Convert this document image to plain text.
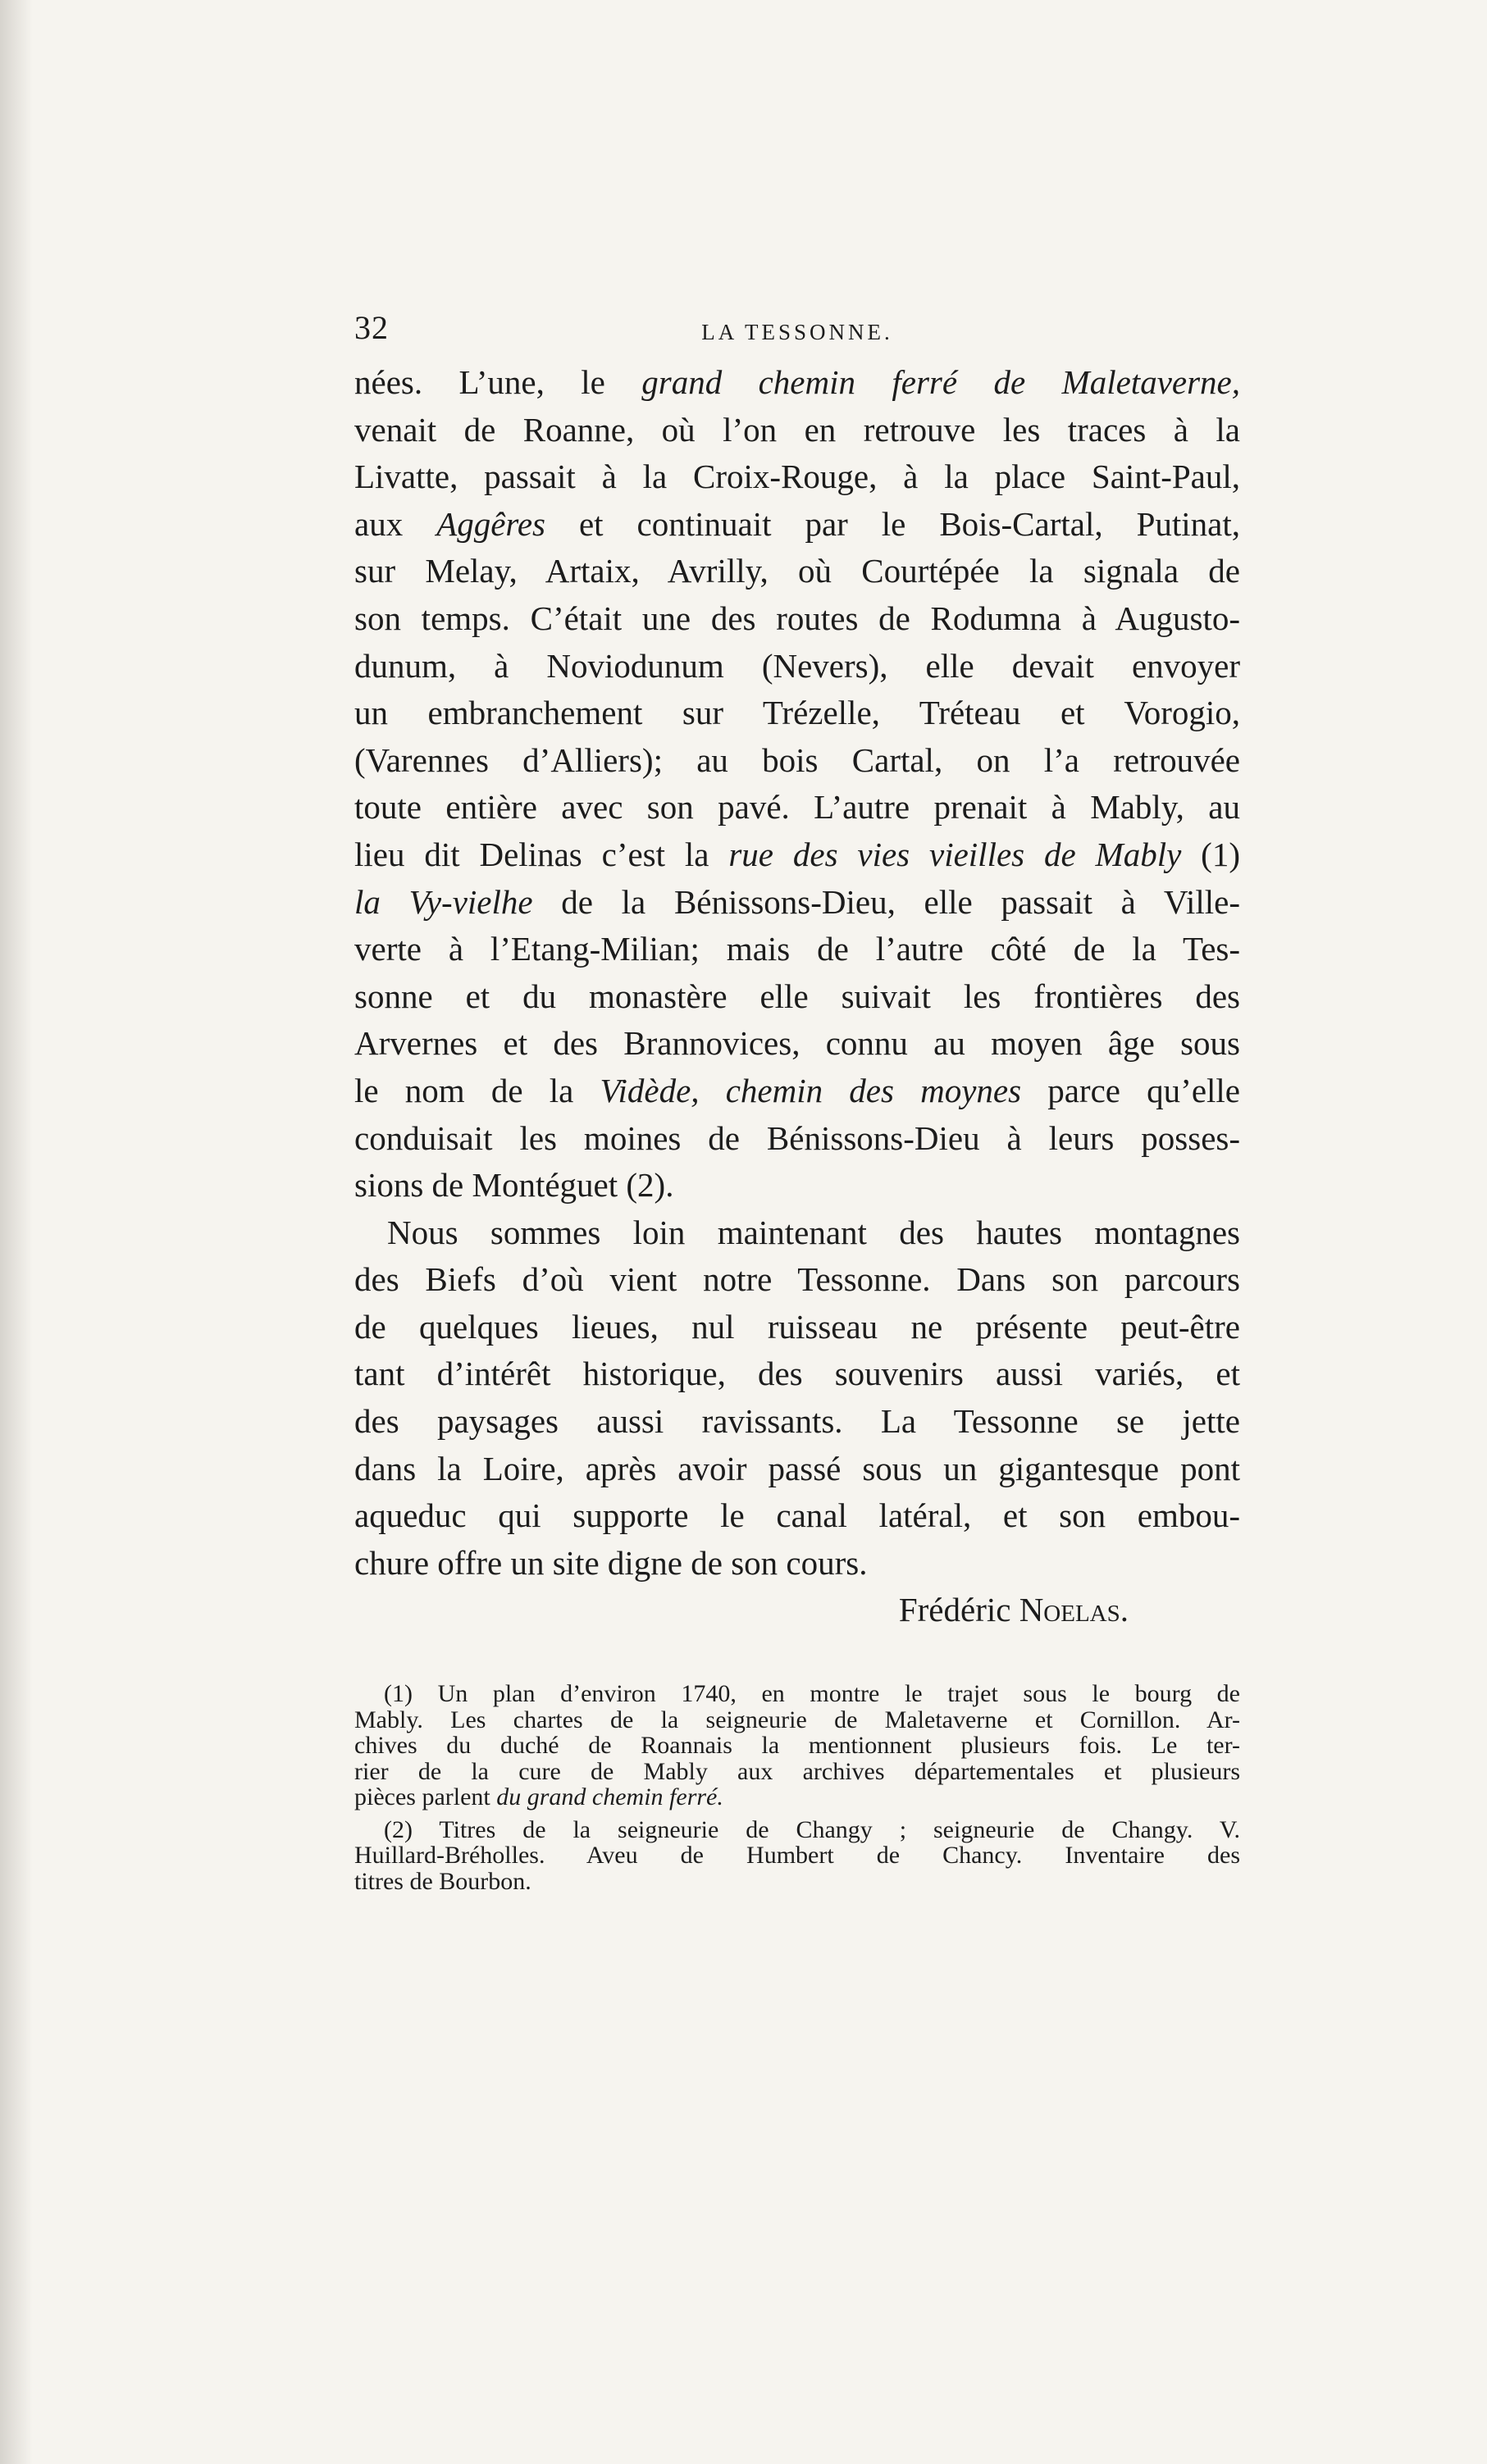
32	LA TESSONNE.
nées. L’une, le grand chemin ferré de Maletaverne,
venait de Roanne, où l’on en retrouve les traces à la
Livatte, passait à la Croix-Rouge, à la place Saint-Paul,
aux Aggêres et continuait par le Bois-Cartal, Putinat,
sur Melay, Artaix, Avrilly, où Courtépée la signala de
son temps. C’était une des routes de Rodumna à Augusto-
dunum, à Noviodunum (Nevers), elle devait envoyer
un embranchement sur Trézelle, Tréteau et Vorogio,
(Varennes d’Alliers); au bois Cartal, on l’a retrouvée
toute entière avec son pavé. L’autre prenait à Mably, au
lieu dit Delinas c’est la rue des vies vieilles de Mably (1)
la Vy-vielhe de la Bénissons-Dieu, elle passait à Ville-
verte à l’Etang-Milian; mais de l’autre côté de la Tes-
sonne et du monastère elle suivait les frontières des
Arvernes et des Brannovices, connu au moyen âge sous
le nom de la Vidède, chemin des moynes parce qu’elle
conduisait les moines de Bénissons-Dieu à leurs posses-
sions de Montéguet (2).
Nous sommes loin maintenant des hautes montagnes
des Biefs d’où vient notre Tessonne. Dans son parcours
de quelques lieues, nul ruisseau ne présente peut-être
tant d’intérêt historique, des souvenirs aussi variés, et
des paysages aussi ravissants. La Tessonne se jette
dans la Loire, après avoir passé sous un gigantesque pont
aqueduc qui supporte le canal latéral, et son embou-
chure offre un site digne de son cours.
Frédéric Noelas.
(1) Un plan d’environ 1740, en montre le trajet sous le bourg de
Mably. Les chartes de la seigneurie de Maletaverne et Cornillon. Ar-
chives du duché de Roannais la mentionnent plusieurs fois. Le ter-
rier de la cure de Mably aux archives départementales et plusieurs
pièces parlent du grand chemin ferré.
(2) Titres de la seigneurie de Changy ; seigneurie de Changy. V.
Huillard-Bréholles. Aveu de Humbert de Chancy. Inventaire des
titres de Bourbon.
